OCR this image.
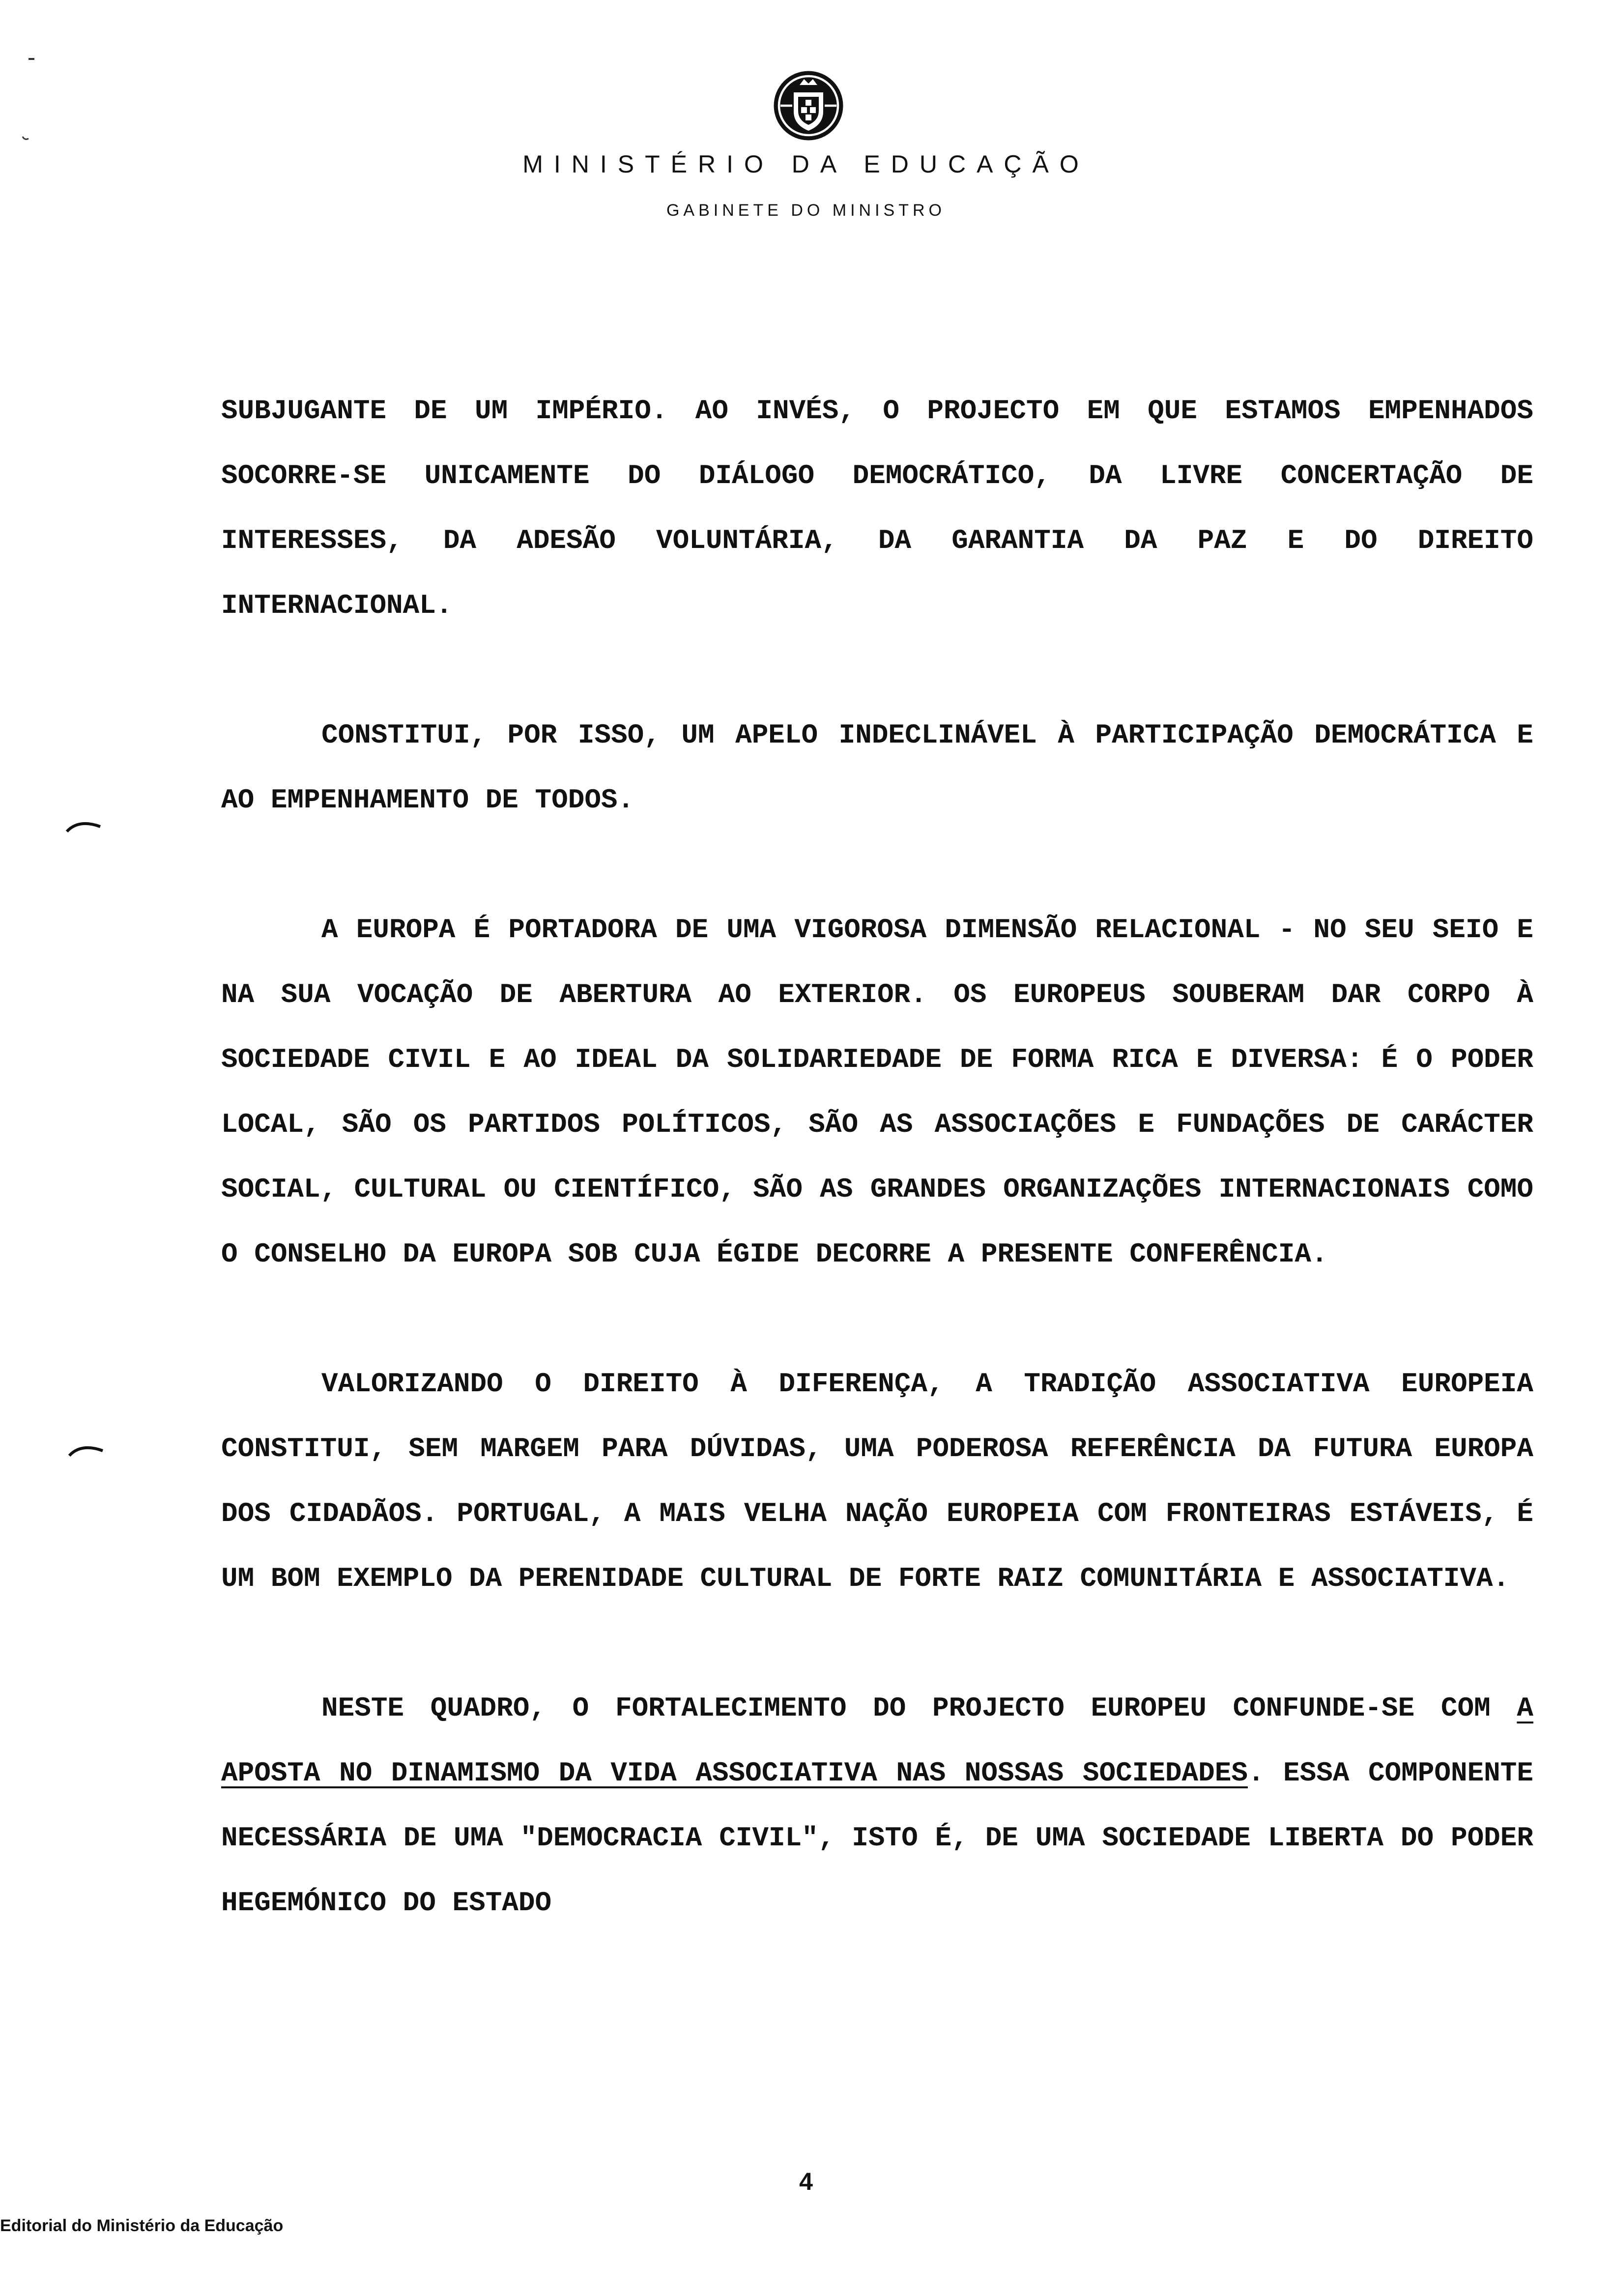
MINISTÉRIO DA EDUCAÇÃO
GABINETE DO MINISTRO

SUBJUGANTE DE UM IMPÉRIO. AO INVÉS, O PROJECTO EM QUE ESTAMOS EMPENHADOS SOCORRE-SE UNICAMENTE DO DIÁLOGO DEMOCRÁTICO, DA LIVRE CONCERTAÇÃO DE INTERESSES, DA ADESÃO VOLUNTÁRIA, DA GARANTIA DA PAZ E DO DIREITO INTERNACIONAL.

CONSTITUI, POR ISSO, UM APELO INDECLINÁVEL À PARTICIPAÇÃO DEMOCRÁTICA E AO EMPENHAMENTO DE TODOS.

A EUROPA É PORTADORA DE UMA VIGOROSA DIMENSÃO RELACIONAL - NO SEU SEIO E NA SUA VOCAÇÃO DE ABERTURA AO EXTERIOR. OS EUROPEUS SOUBERAM DAR CORPO À SOCIEDADE CIVIL E AO IDEAL DA SOLIDARIEDADE DE FORMA RICA E DIVERSA: É O PODER LOCAL, SÃO OS PARTIDOS POLÍTICOS, SÃO AS ASSOCIAÇÕES E FUNDAÇÕES DE CARÁCTER SOCIAL, CULTURAL OU CIENTÍFICO, SÃO AS GRANDES ORGANIZAÇÕES INTERNACIONAIS COMO O CONSELHO DA EUROPA SOB CUJA ÉGIDE DECORRE A PRESENTE CONFERÊNCIA.

VALORIZANDO O DIREITO À DIFERENÇA, A TRADIÇÃO ASSOCIATIVA EUROPEIA CONSTITUI, SEM MARGEM PARA DÚVIDAS, UMA PODEROSA REFERÊNCIA DA FUTURA EUROPA DOS CIDADÃOS. PORTUGAL, A MAIS VELHA NAÇÃO EUROPEIA COM FRONTEIRAS ESTÁVEIS, É UM BOM EXEMPLO DA PERENIDADE CULTURAL DE FORTE RAIZ COMUNITÁRIA E ASSOCIATIVA.

NESTE QUADRO, O FORTALECIMENTO DO PROJECTO EUROPEU CONFUNDE-SE COM A APOSTA NO DINAMISMO DA VIDA ASSOCIATIVA NAS NOSSAS SOCIEDADES. ESSA COMPONENTE NECESSÁRIA DE UMA "DEMOCRACIA CIVIL", ISTO É, DE UMA SOCIEDADE LIBERTA DO PODER HEGEMÓNICO DO ESTADO

4
Editorial do Ministério da Educação
